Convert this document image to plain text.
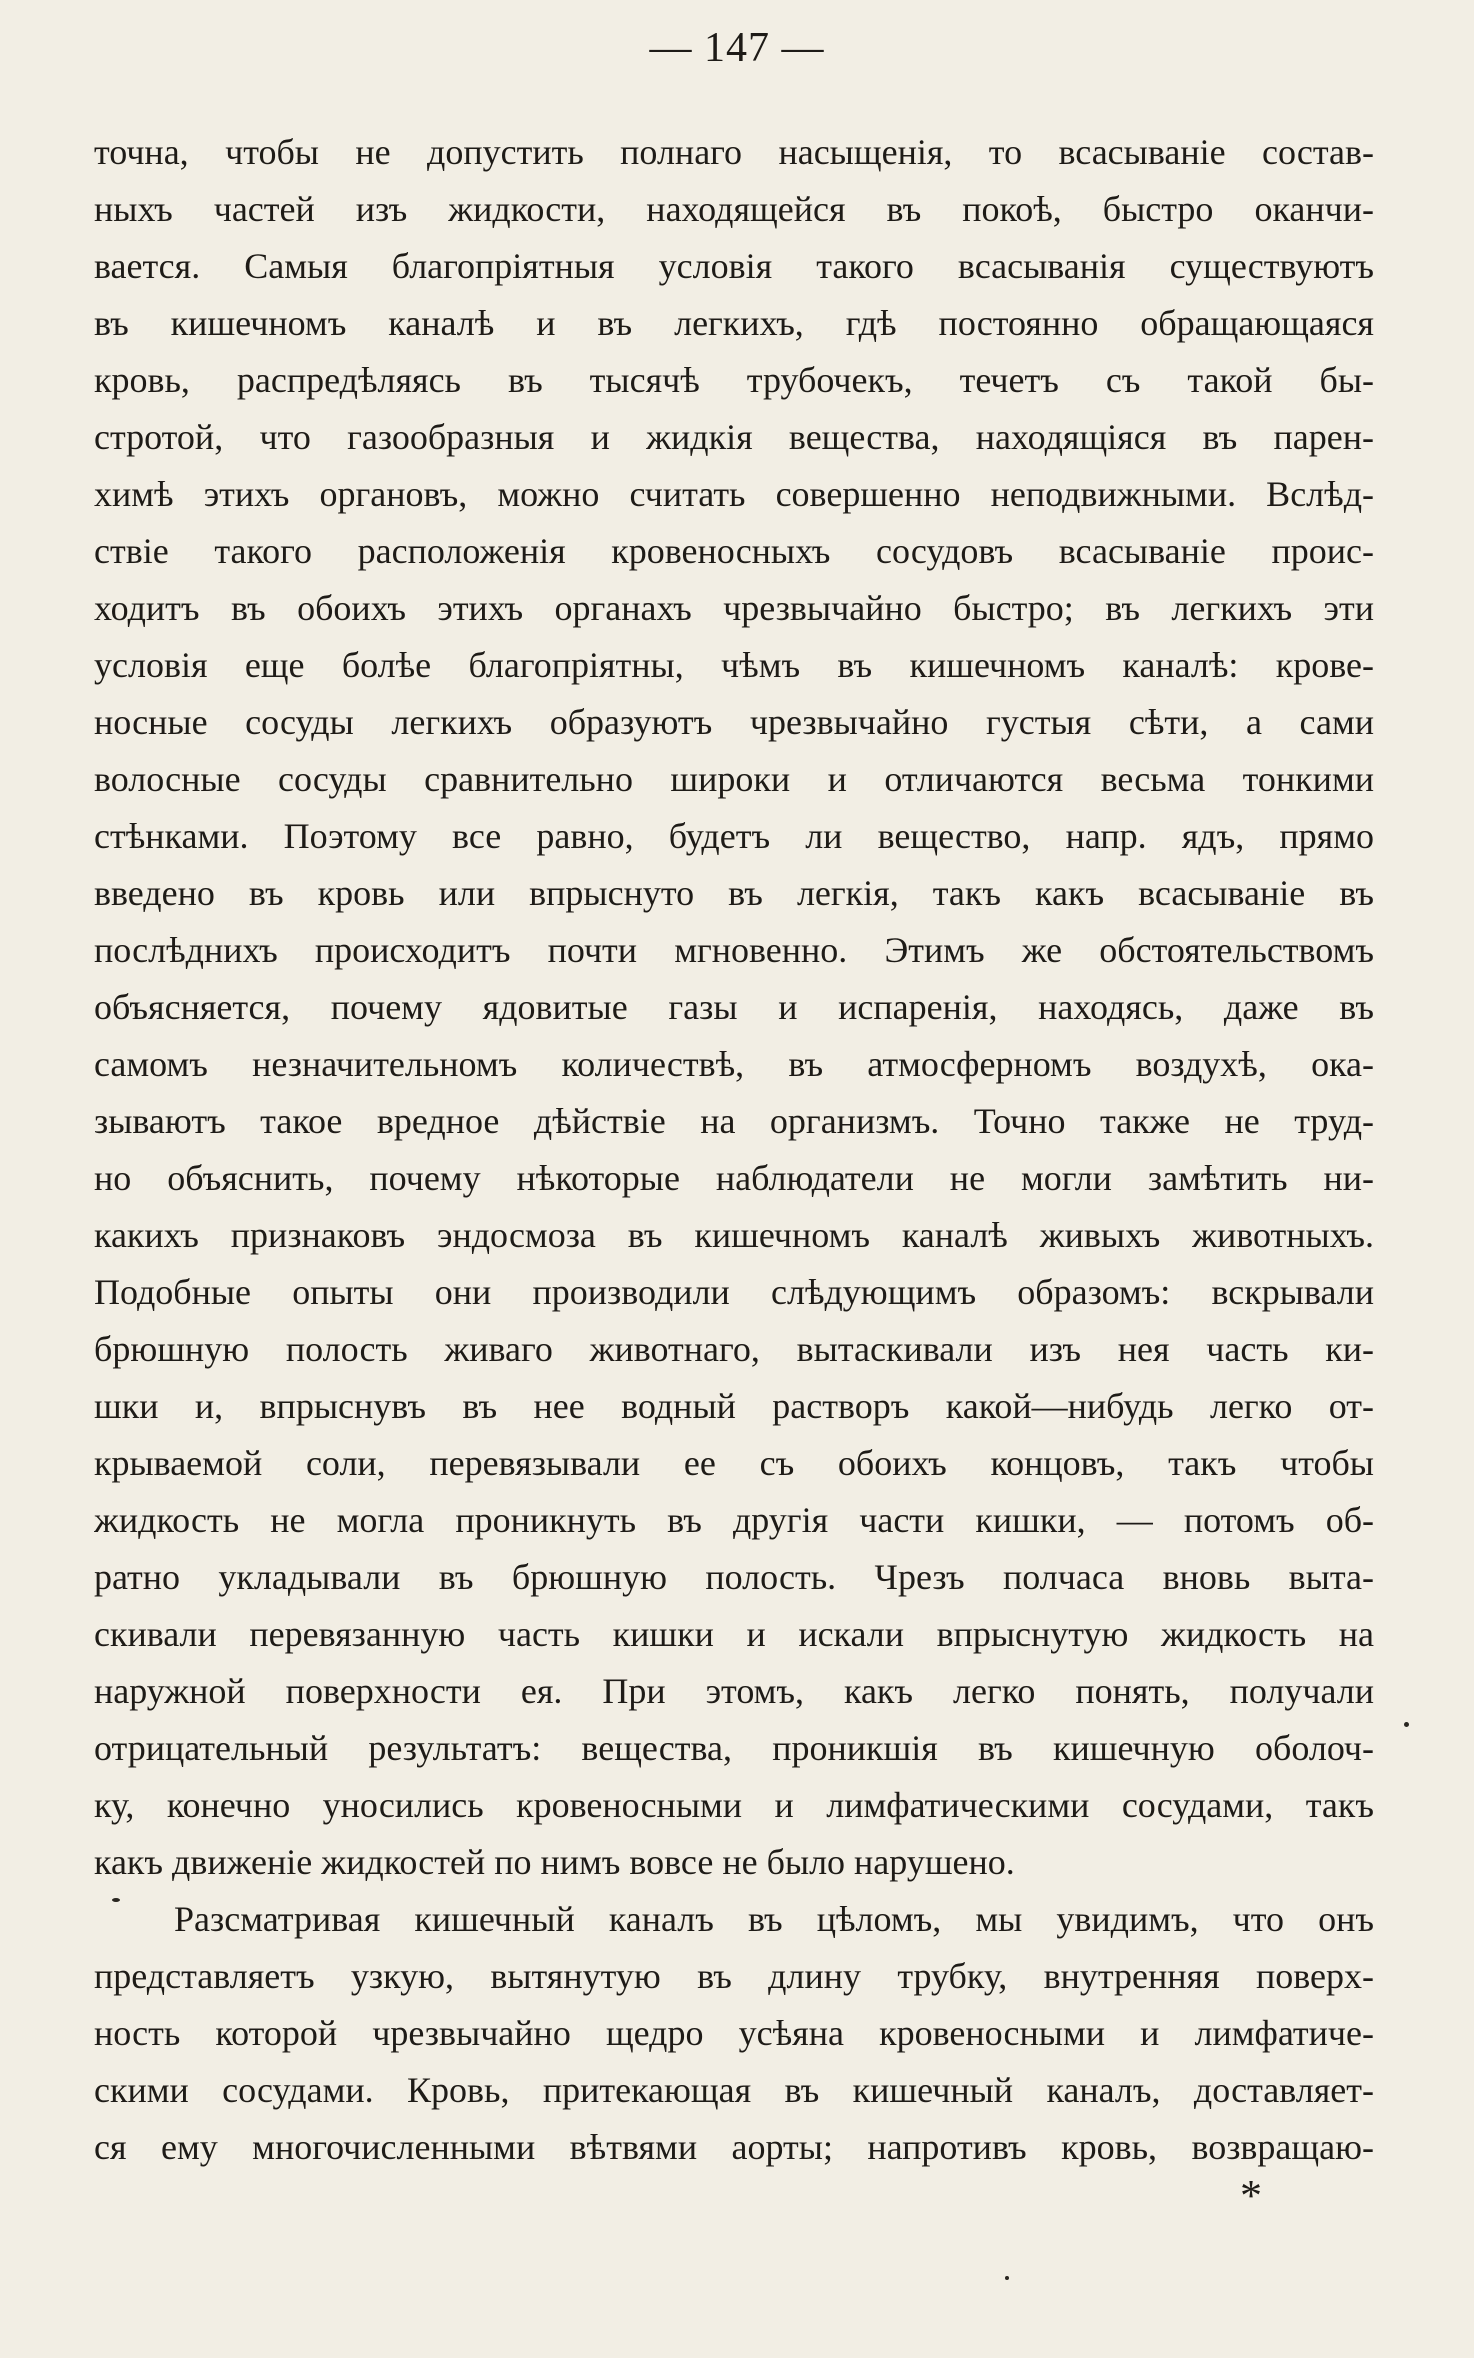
— 147 —
точна, чтобы не допустить полнаго насыщенія, то всасываніе состав-
ныхъ частей изъ жидкости, находящейся въ покоѣ, быстро оканчи-
вается. Самыя благопріятныя условія такого всасыванія существуютъ
въ кишечномъ каналѣ и въ легкихъ, гдѣ постоянно обращающаяся
кровь, распредѣляясь въ тысячѣ трубочекъ, течетъ съ такой бы-
стротой, что газообразныя и жидкія вещества, находящіяся въ парен-
химѣ этихъ органовъ, можно считать совершенно неподвижными. Вслѣд-
ствіе такого расположенія кровеносныхъ сосудовъ всасываніе проис-
ходитъ въ обоихъ этихъ органахъ чрезвычайно быстро; въ легкихъ эти
условія еще болѣе благопріятны, чѣмъ въ кишечномъ каналѣ: крове-
носные сосуды легкихъ образуютъ чрезвычайно густыя сѣти, а сами
волосные сосуды сравнительно широки и отличаются весьма тонкими
стѣнками. Поэтому все равно, будетъ ли вещество, напр. ядъ, прямо
введено въ кровь или впрыснуто въ легкія, такъ какъ всасываніе въ
послѣднихъ происходитъ почти мгновенно. Этимъ же обстоятельствомъ
объясняется, почему ядовитые газы и испаренія, находясь, даже въ
самомъ незначительномъ количествѣ, въ атмосферномъ воздухѣ, ока-
зываютъ такое вредное дѣйствіе на организмъ. Точно также не труд-
но объяснить, почему нѣкоторые наблюдатели не могли замѣтить ни-
какихъ признаковъ эндосмоза въ кишечномъ каналѣ живыхъ животныхъ.
Подобные опыты они производили слѣдующимъ образомъ: вскрывали
брюшную полость живаго животнаго, вытаскивали изъ нея часть ки-
шки и, впрыснувъ въ нее водный растворъ какой—нибудь легко от-
крываемой соли, перевязывали ее съ обоихъ концовъ, такъ чтобы
жидкость не могла проникнуть въ другія части кишки, — потомъ об-
ратно укладывали въ брюшную полость. Чрезъ полчаса вновь выта-
скивали перевязанную часть кишки и искали впрыснутую жидкость на
наружной поверхности ея. При этомъ, какъ легко понять, получали
отрицательный результатъ: вещества, проникшія въ кишечную оболоч-
ку, конечно уносились кровеносными и лимфатическими сосудами, такъ
какъ движеніе жидкостей по нимъ вовсе не было нарушено.
Разсматривая кишечный каналъ въ цѣломъ, мы увидимъ, что онъ
представляетъ узкую, вытянутую въ длину трубку, внутренняя поверх-
ность которой чрезвычайно щедро усѣяна кровеносными и лимфатиче-
скими сосудами. Кровь, притекающая въ кишечный каналъ, доставляет-
ся ему многочисленными вѣтвями аорты; напротивъ кровь, возвращаю-
*
